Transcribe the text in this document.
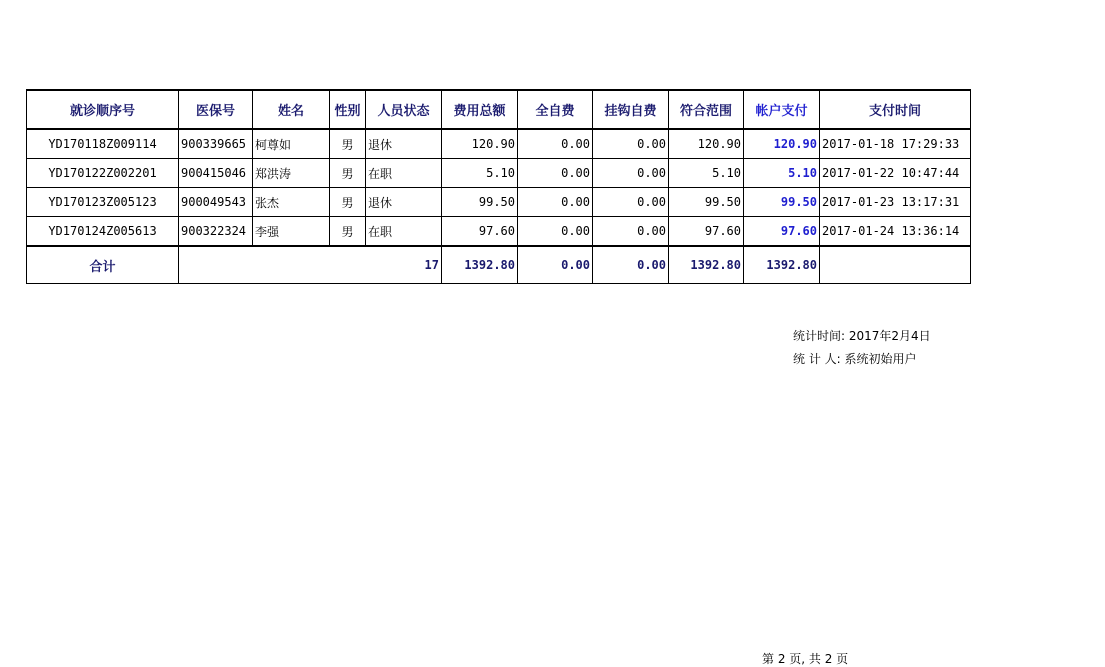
就诊顺序号	医保号	姓名	性别	人员状态	费用总额	全自费	挂钩自费	符合范围	帐户支付	支付时间
YD170118Z009114	900339665	柯尊如	男	退休	120.90	0.00	0.00	120.90	120.90	2017-01-18 17:29:33
YD170122Z002201	900415046	郑洪涛	男	在职	5.10	0.00	0.00	5.10	5.10	2017-01-22 10:47:44
YD170123Z005123	900049543	张杰	男	退休	99.50	0.00	0.00	99.50	99.50	2017-01-23 13:17:31
YD170124Z005613	900322324	李强	男	在职	97.60	0.00	0.00	97.60	97.60	2017-01-24 13:36:14
合计	17				1392.80	0.00	0.00	1392.80	1392.80	
统计时间: 2017年2月4日
统 计 人: 系统初始用户
第 2 页, 共 2 页
